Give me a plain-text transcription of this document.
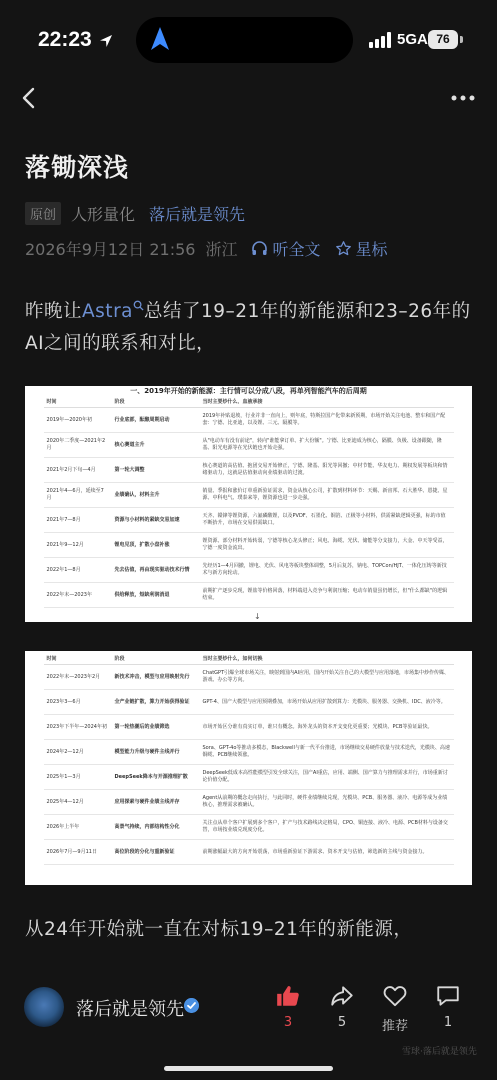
22:23	5GA 76
落锄深浅
原创 人形量化 落后就是领先
2026年9月12日 21:56 浙江 听全文 星标
昨晚让Astra 总结了19–21年的新能源和23–26年的AI之间的联系和对比，
一、2019年开始的新能源：主行情可以分成八段，再单列智能汽车的后周期
时间	阶段	当时主要炒什么、血液承接
2019年—2020年初	行业底部，酝酿周期启动	2019年补贴退坡，行业并非一直向上，则年底，特斯拉国产化带来新预期，市场开始关注电池、整车和国产配套：宁德、比亚迪，以及锂、三元、隔膜等。
2020年二季度—2021年2月	核心赛道主升	从"电动车有没有前途"，转向"谁能拿订单、扩大份额"。宁德、比亚迪成为核心，隔膜、负极、设备跟随，隆基、阳光电源等在光伏链也开始走强。
2021年2月下旬—4月	第一轮大调整	核心赛道的高估值、抱团交易开始修正，宁德、隆基、阳光等回撤；中材节能、华友电力、期权发展等板块和情绪驱动力，这就是估值驱动向业绩驱动的过渡。
2021年4—6月，延续至7月	业绩确认，材料主升	销量、季报和涨价订单重新验证需求，资金从核心公司，扩散到材料环节：天赐、新宙邦、石大胜华、恩捷、星源、中科电气、璞泰来等，锂资源也进一步走强。
2021年7—8月	资源与小材料的紧缺交易加速	天齐、赣锋等锂资源，六氟磷酸锂，以及PVDF、石墨化、铜箔、正极等小材料，供需紧缺逻辑更强，标的市值不断抬升，市场在交易供需缺口。
2021年9—12月	锂电见顶，扩散小盘补涨	锂资源、部分材料开始转弱，宁德等核心龙头修正；风电、海缆、光伏、储能等分支接力，大金、中天等受益，宁德一度资金流出。
2022年1—8月	先去估值，再由现实驱动技术行情	先经历1—4月回撤，锂电、光伏、风电等板块整体调整，5月后复苏，钠电、TOPCon/HJT、一体化压铸等新技术与新方向轮动。
2022年末—2023年	供给释放，短缺利润消退	前期扩产逐步兑现，锂盐等价格回落，材料端进入竞争与利润压缩；电动车销量虽仍增长，但"什么都缺"的逻辑结束。
↓
时间	阶段	当时主要炒什么，如何切换
2022年末—2023年2月	新技术冲击，模型与应用映射先行	ChatGPT引爆全球市场关注，映射到国内AI应用，国内开始关注自己的大模型与应用落地，市场集中炒作传媒、游戏、办公等方向。
2023年3—6月	全产业链扩散，算力开始获得验证	GPT-4、国产大模型与应用预期叠加，市场开始从应用扩散到算力：光模块、服务器、交换机、IDC、液冷等。
2023年下半年—2024年初	第一轮热潮后的业绩筛选	市场开始区分谁有真实订单，谁只有概念。海外龙头的资本开支变化更重要；光模块、PCB等验证最快。
2024年2—12月	模型能力升级与硬件主线并行	Sora、GPT-4o等推动多模态，Blackwell与新一代平台推进，市场继续交易硬件放量与技术迭代，光模块、高速铜缆、PCB继续领涨。
2025年1—3月	DeepSeek降本与开源推理扩散	DeepSeek低成本高性能模型引发全球关注，国产AI重估，应用、端侧、国产算力与推理需求并行，市场重新讨论价值分配。
2025年4—12月	应用探索与硬件业绩主线并存	Agent从前期的概念走向执行，与此同时，硬件业绩继续兑现，光模块、PCB、服务器、液冷、电源等成为业绩核心，推理需求被确认。
2026年上半年	高景气持续，内部结构性分化	关注点从单个客户扩展到多个客户，扩产与技术路线决定格局，CPO、铜连接、液冷、电源、PCB材料与设备交替，市场按业绩兑现度分化。
2026年7月—9月11日	高位阶段的分化与重新验证	前期涨幅最大的方向开始震荡，市场重新验证下游需求、资本开支与估值，筛选新的主线与资金接力。
从24年开始就一直在对标19–21年的新能源，
落后就是领先
3	5	推荐	1
雪球·落后就是领先
